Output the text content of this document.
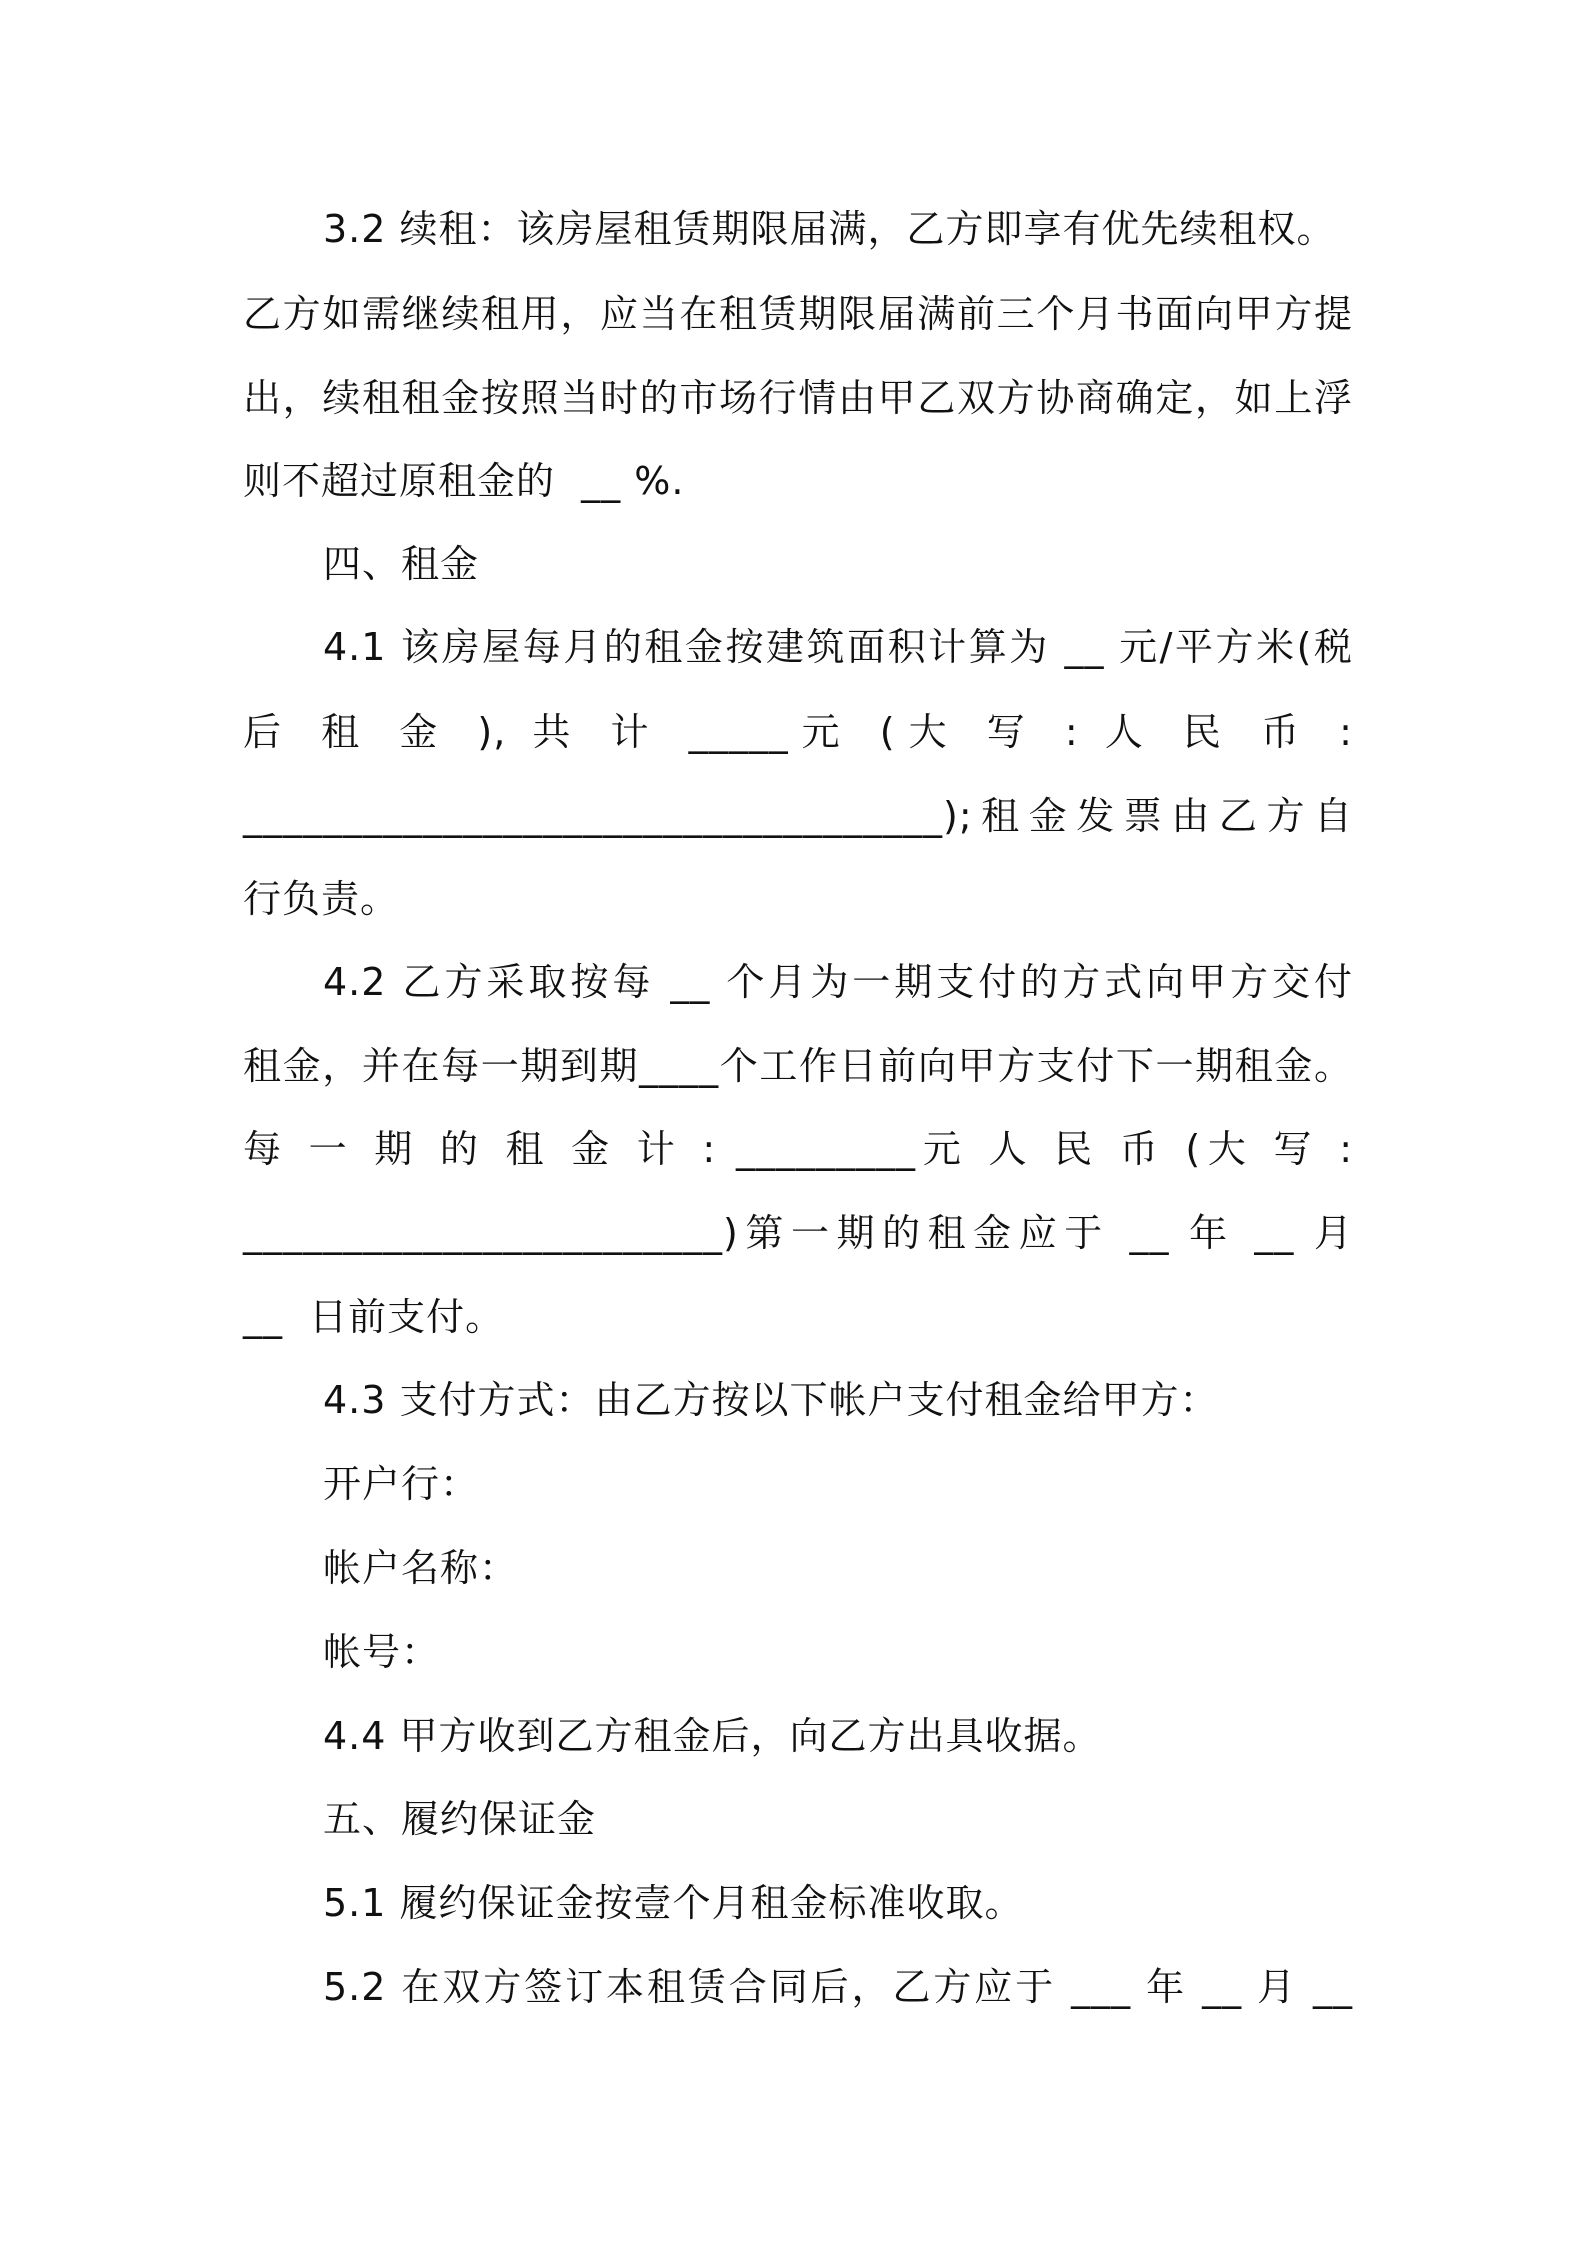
3.2 续租：该房屋租赁期限届满，乙方即享有优先续租权。
乙方如需继续租用，应当在租赁期限届满前三个月书面向甲方提
出，续租租金按照当时的市场行情由甲乙双方协商确定，如上浮
则不超过原租金的  __ %.
四、租金
4.1 该房屋每月的租金按建筑面积计算为 __ 元/平方米(税
后 租 金 ), 共 计 _____元 (大 写 : 人 民 币 :
___________________________________);租金发票由乙方自
行负责。
4.2 乙方采取按每 __ 个月为一期支付的方式向甲方交付
租金，并在每一期到期____个工作日前向甲方支付下一期租金。
每 一 期 的 租 金 计 : _________元 人 民 币 (大 写 :
________________________)第一期的租金应于 __ 年 __ 月
__  日前支付。
4.3 支付方式：由乙方按以下帐户支付租金给甲方：
开户行：
帐户名称：
帐号：
4.4 甲方收到乙方租金后，向乙方出具收据。
五、履约保证金
5.1 履约保证金按壹个月租金标准收取。
5.2 在双方签订本租赁合同后，乙方应于 ___ 年 __ 月 __
